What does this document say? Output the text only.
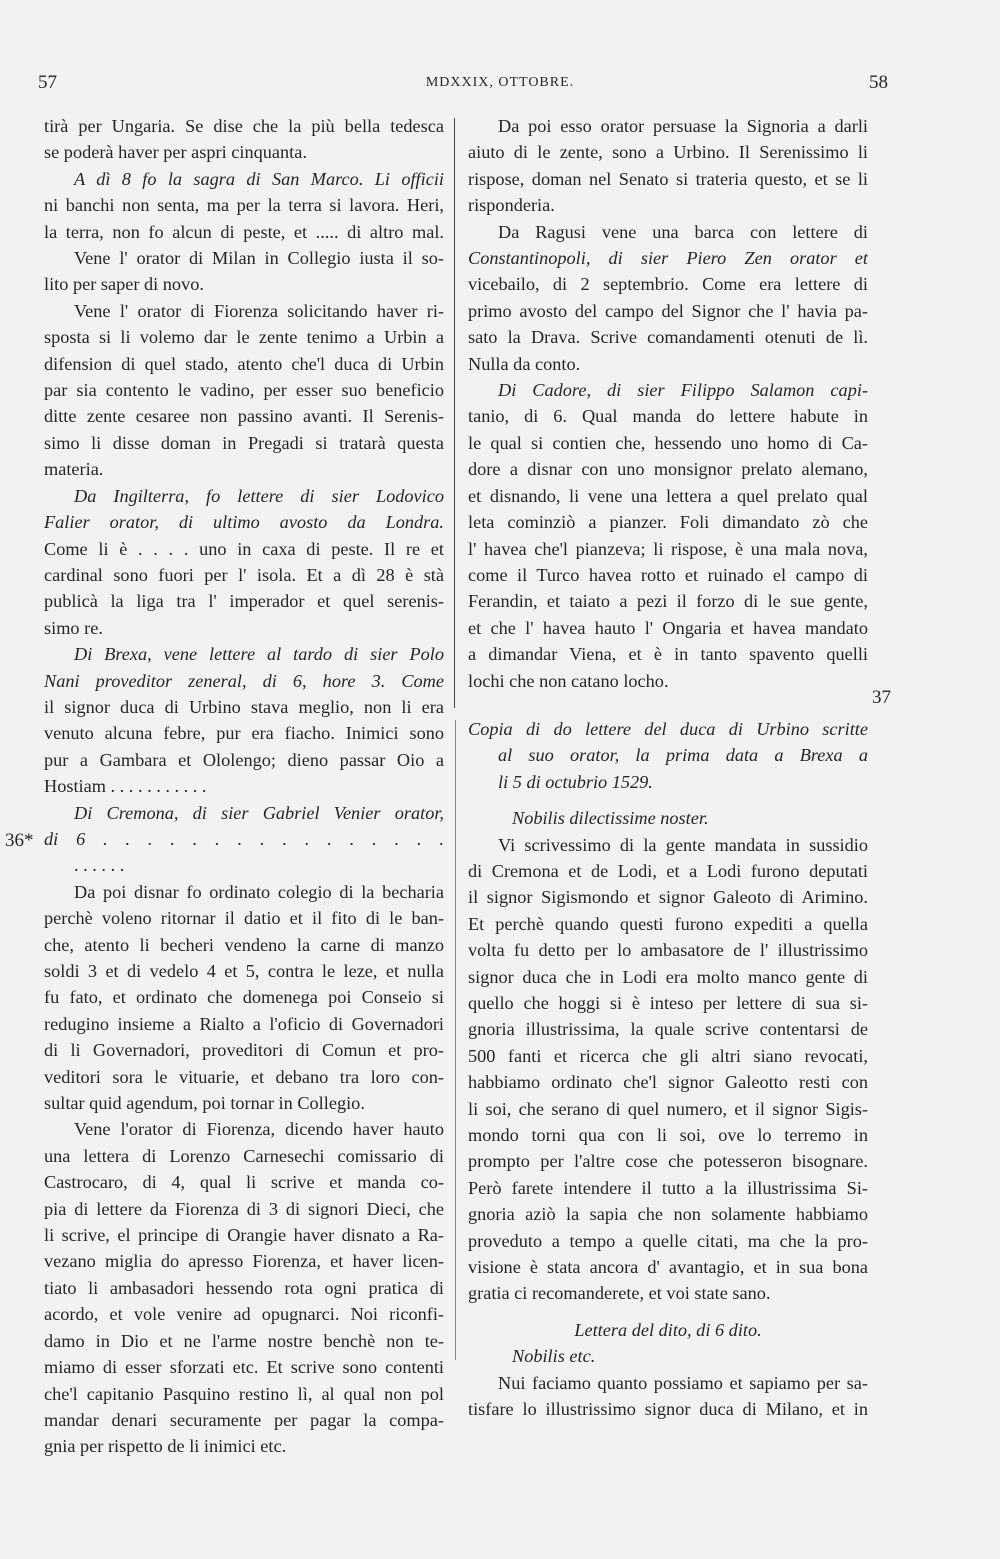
57	MDXXIX, OTTOBRE.	58
36*
37
tirà per Ungaria. Se dise che la più bella tedesca
se poderà haver per aspri cinquanta.
A dì 8 fo la sagra di San Marco. Li officii
ni banchi non senta, ma per la terra si lavora. Heri,
la terra, non fo alcun di peste, et ..... di altro mal.
Vene l' orator di Milan in Collegio iusta il so-
lito per saper di novo.
Vene l' orator di Fiorenza solicitando haver ri-
sposta si li volemo dar le zente tenimo a Urbin a
difension di quel stado, atento che'l duca di Urbin
par sia contento le vadino, per esser suo beneficio
ditte zente cesaree non passino avanti. Il Serenis-
simo li disse doman in Pregadi si tratarà questa
materia.
Da Ingilterra, fo lettere di sier Lodovico
Falier orator, di ultimo avosto da Londra.
Come li è . . . . uno in caxa di peste. Il re et
cardinal sono fuori per l' isola. Et a dì 28 è stà
publicà la liga tra l' imperador et quel serenis-
simo re.
Di Brexa, vene lettere al tardo di sier Polo
Nani proveditor zeneral, di 6, hore 3. Come
il signor duca di Urbino stava meglio, non li era
venuto alcuna febre, pur era fiacho. Inimici sono
pur a Gambara et Ololengo; dieno passar Oio a
Hostiam . . . . . . . . . . .
Di Cremona, di sier Gabriel Venier orator,
di 6 . . . . . . . . . . . . . . . .
. . . . . .
Da poi disnar fo ordinato colegio di la becharia
perchè voleno ritornar il datio et il fito di le ban-
che, atento li becheri vendeno la carne di manzo
soldi 3 et di vedelo 4 et 5, contra le leze, et nulla
fu fato, et ordinato che domenega poi Conseio si
redugino insieme a Rialto a l'oficio di Governadori
di li Governadori, proveditori di Comun et pro-
veditori sora le vituarie, et debano tra loro con-
sultar quid agendum, poi tornar in Collegio.
Vene l'orator di Fiorenza, dicendo haver hauto
una lettera di Lorenzo Carnesechi comissario di
Castrocaro, di 4, qual li scrive et manda co-
pia di lettere da Fiorenza di 3 di signori Dieci, che
li scrive, el principe di Orangie haver disnato a Ra-
vezano miglia do apresso Fiorenza, et haver licen-
tiato li ambasadori hessendo rota ogni pratica di
acordo, et vole venire ad opugnarci. Noi riconfi-
damo in Dio et ne l'arme nostre benchè non te-
miamo di esser sforzati etc. Et scrive sono contenti
che'l capitanio Pasquino restino lì, al qual non pol
mandar denari securamente per pagar la compa-
gnia per rispetto de li inimici etc.
Da poi esso orator persuase la Signoria a darli
aiuto di le zente, sono a Urbino. Il Serenissimo li
rispose, doman nel Senato si trateria questo, et se li
risponderia.
Da Ragusi vene una barca con lettere di
Constantinopoli, di sier Piero Zen orator et
vicebailo, di 2 septembrio. Come era lettere di
primo avosto del campo del Signor che l' havia pa-
sato la Drava. Scrive comandamenti otenuti de lì.
Nulla da conto.
Di Cadore, di sier Filippo Salamon capi-
tanio, di 6. Qual manda do lettere habute in
le qual si contien che, hessendo uno homo di Ca-
dore a disnar con uno monsignor prelato alemano,
et disnando, li vene una lettera a quel prelato qual
leta cominziò a pianzer. Foli dimandato zò che
l' havea che'l pianzeva; li rispose, è una mala nova,
come il Turco havea rotto et ruinado el campo di
Ferandin, et taiato a pezi il forzo di le sue gente,
et che l' havea hauto l' Ongaria et havea mandato
a dimandar Viena, et è in tanto spavento quelli
lochi che non catano locho.
Copia di do lettere del duca di Urbino scritte
al suo orator, la prima data a Brexa a
li 5 di octubrio 1529.
Nobilis dilectissime noster.
Vi scrivessimo di la gente mandata in sussidio
di Cremona et de Lodi, et a Lodi furono deputati
il signor Sigismondo et signor Galeoto di Arimino.
Et perchè quando questi furono expediti a quella
volta fu detto per lo ambasatore de l' illustrissimo
signor duca che in Lodi era molto manco gente di
quello che hoggi si è inteso per lettere di sua si-
gnoria illustrissima, la quale scrive contentarsi de
500 fanti et ricerca che gli altri siano revocati,
habbiamo ordinato che'l signor Galeotto resti con
li soi, che serano di quel numero, et il signor Sigis-
mondo torni qua con li soi, ove lo terremo in
prompto per l'altre cose che potesseron bisognare.
Però farete intendere il tutto a la illustrissima Si-
gnoria aziò la sapia che non solamente habbiamo
proveduto a tempo a quelle citati, ma che la pro-
visione è stata ancora d' avantagio, et in sua bona
gratia ci recomanderete, et voi state sano.
Lettera del dito, di 6 dito.
Nobilis etc.
Nui faciamo quanto possiamo et sapiamo per sa-
tisfare lo illustrissimo signor duca di Milano, et in
